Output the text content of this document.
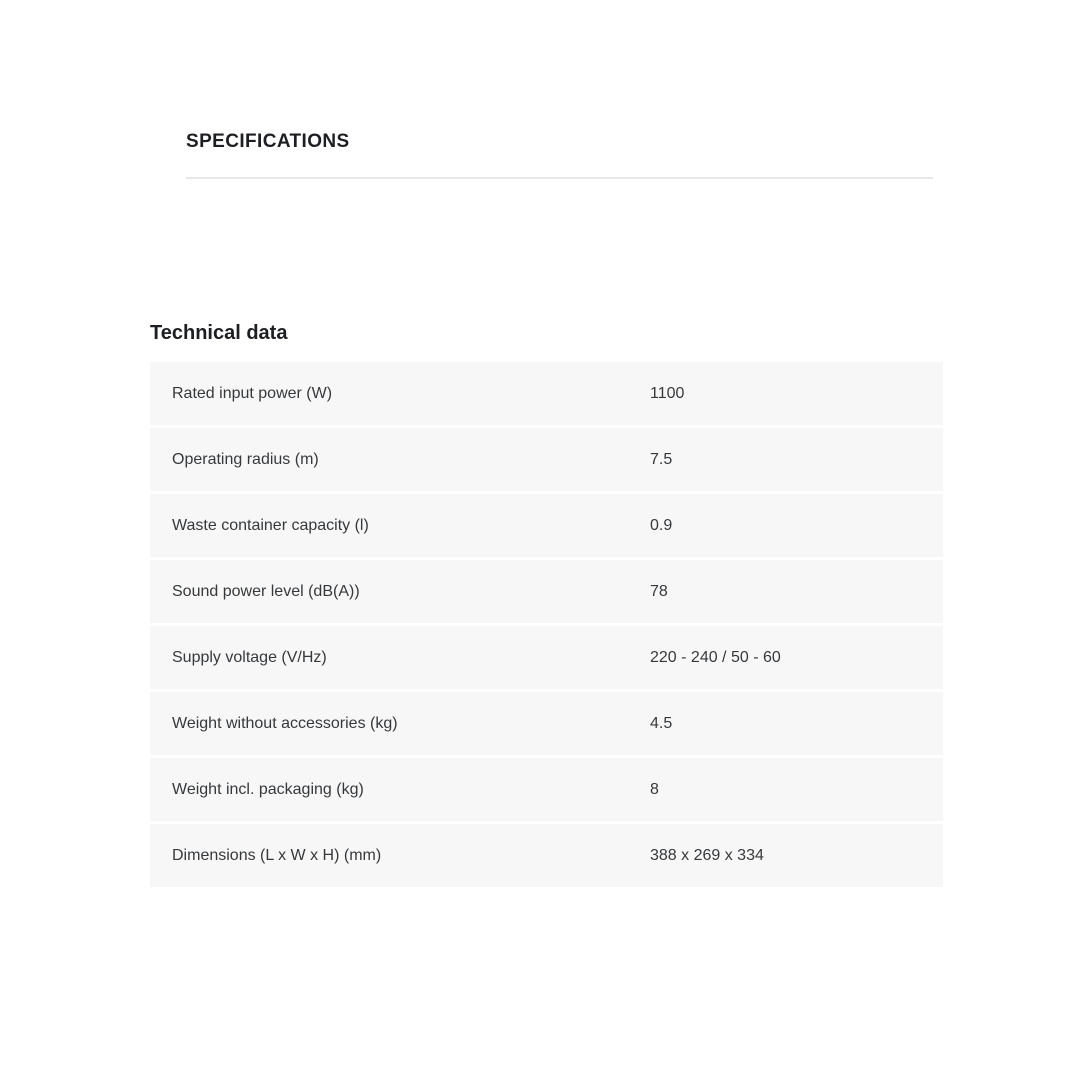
SPECIFICATIONS
Technical data
Rated input power (W)	1100
Operating radius (m)	7.5
Waste container capacity (l)	0.9
Sound power level (dB(A))	78
Supply voltage (V/Hz)	220 - 240 / 50 - 60
Weight without accessories (kg)	4.5
Weight incl. packaging (kg)	8
Dimensions (L x W x H) (mm)	388 x 269 x 334
